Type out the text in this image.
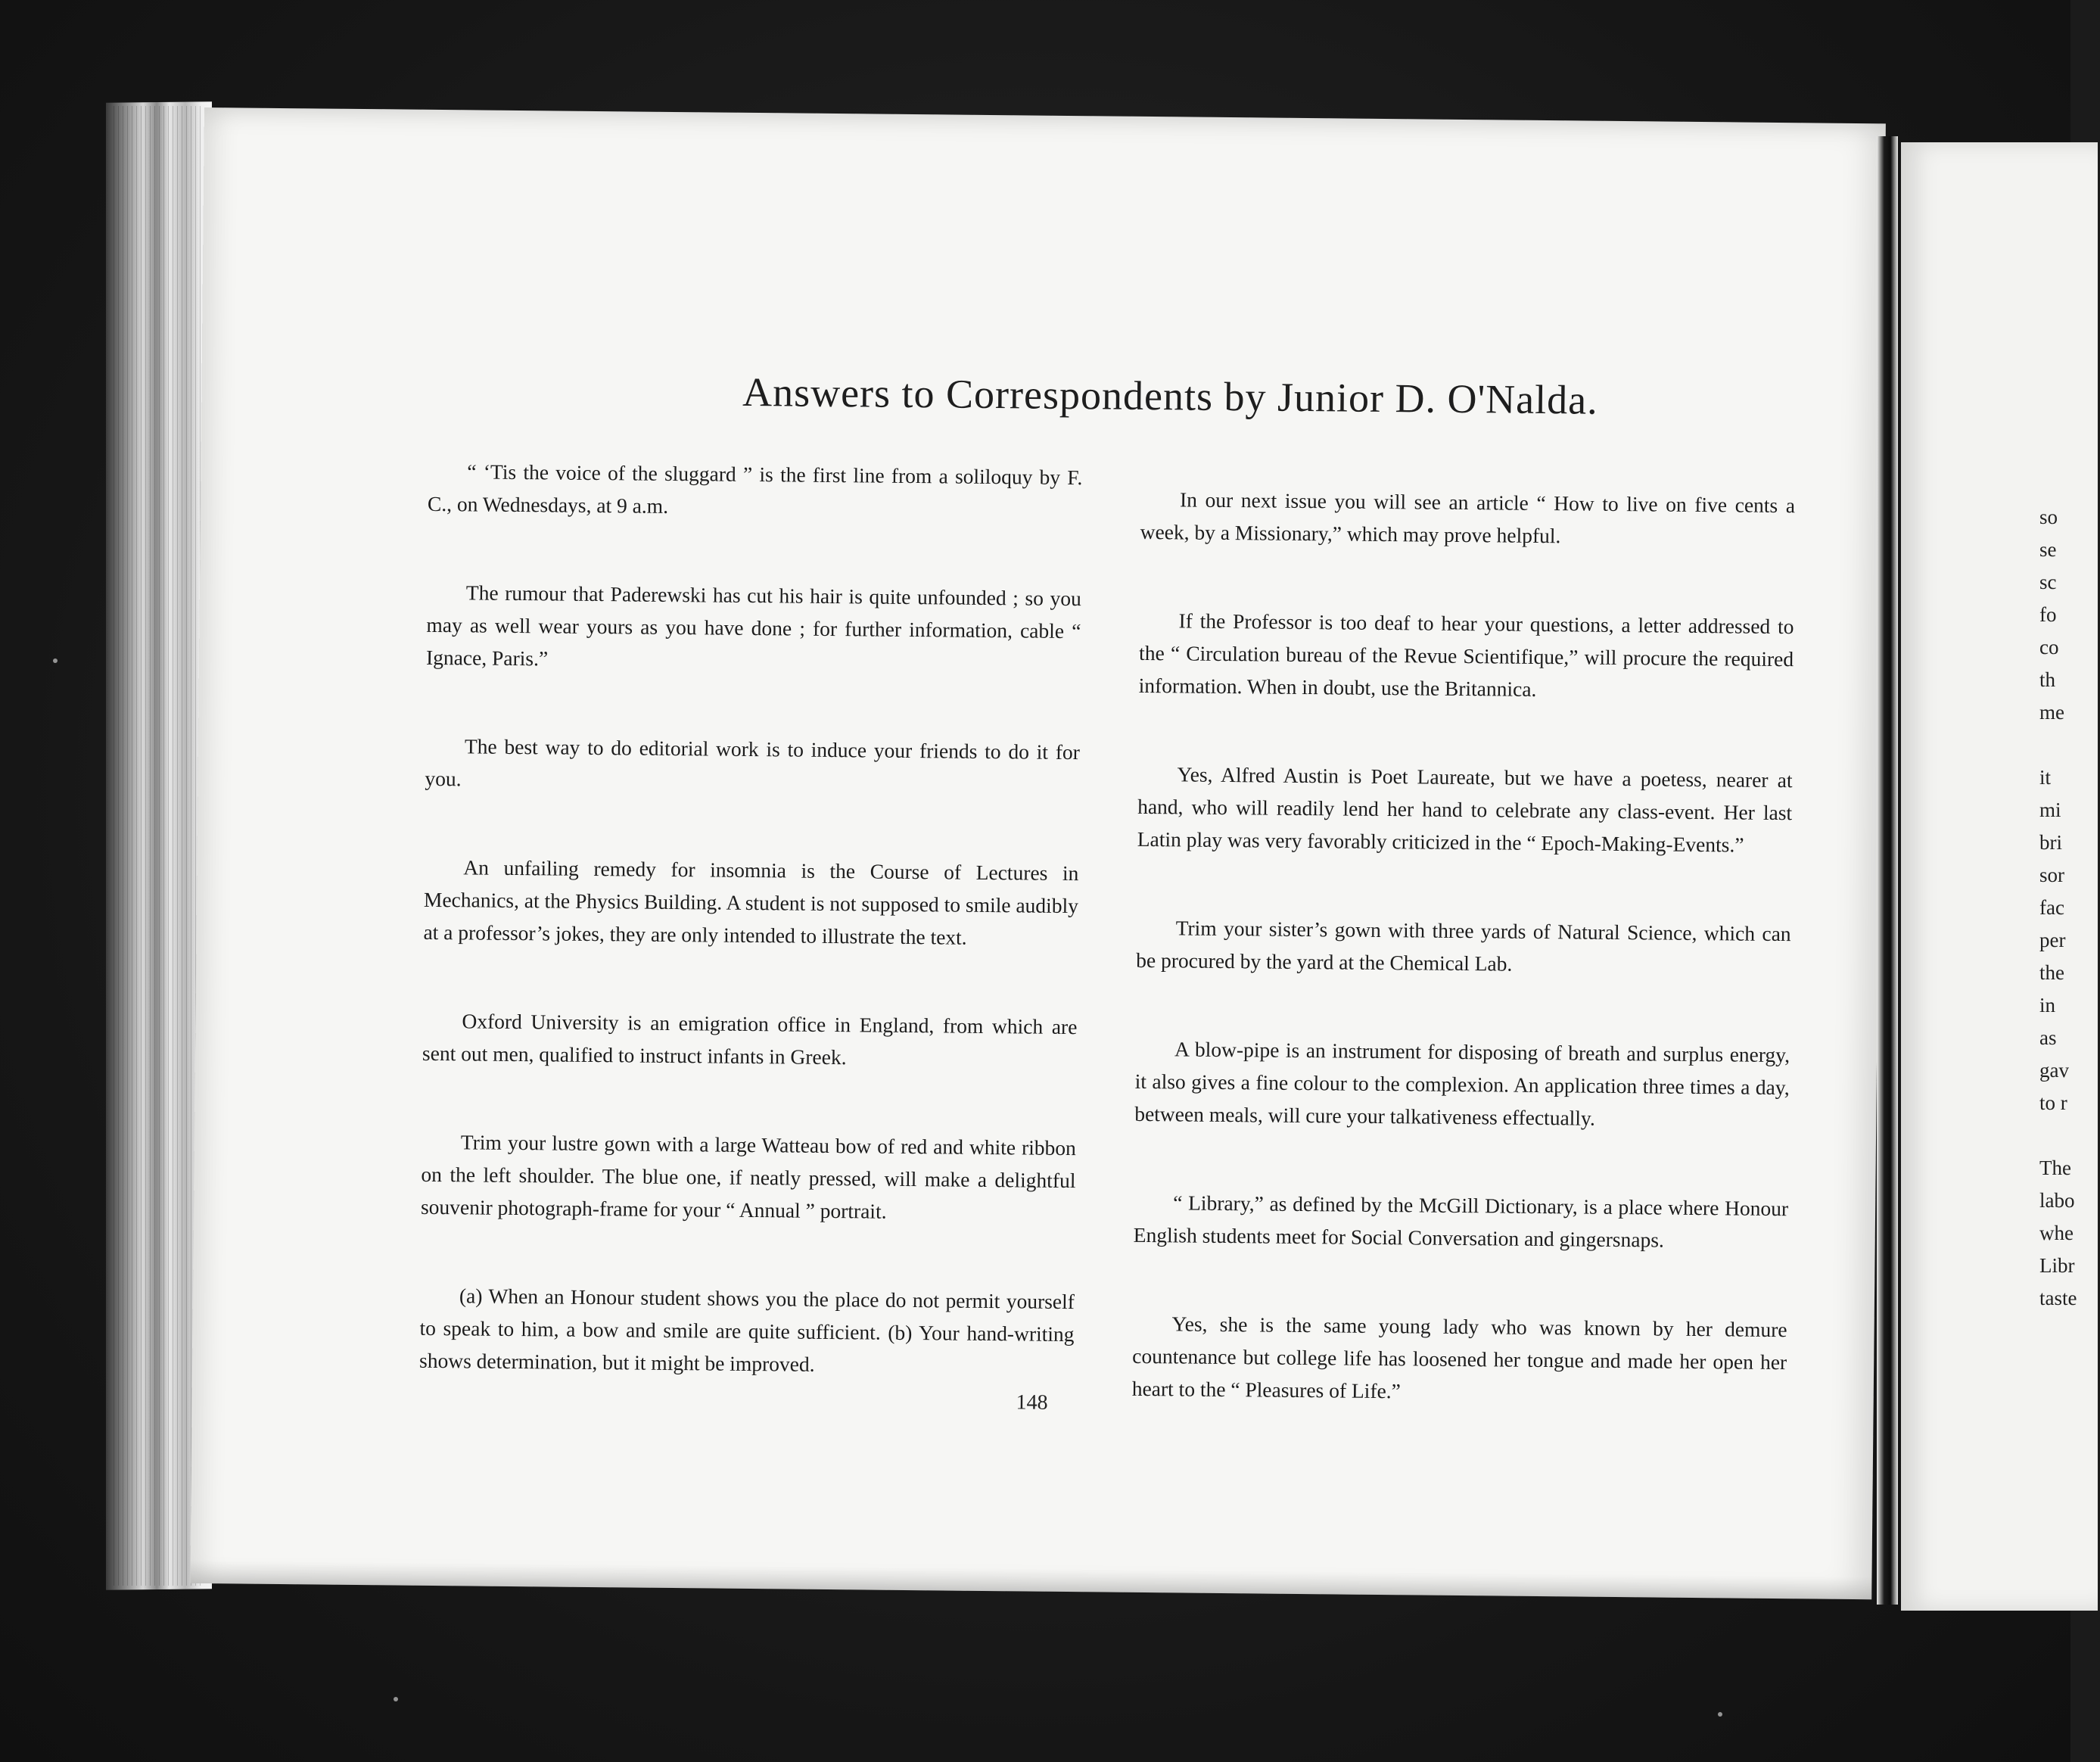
Answers to Correspondents by Junior D. O'Nalda.

“ ‘Tis the voice of the sluggard ” is the first line from a soliloquy by F. C., on Wednesdays, at 9 a.m.

The rumour that Paderewski has cut his hair is quite unfounded ; so you may as well wear yours as you have done ; for further information, cable “ Ignace, Paris.”

The best way to do editorial work is to induce your friends to do it for you.

An unfailing remedy for insomnia is the Course of Lectures in Mechanics, at the Physics Building. A student is not supposed to smile audibly at a professor’s jokes, they are only intended to illustrate the text.

Oxford University is an emigration office in England, from which are sent out men, qualified to instruct infants in Greek.

Trim your lustre gown with a large Watteau bow of red and white ribbon on the left shoulder. The blue one, if neatly pressed, will make a delightful souvenir photograph-frame for your “ Annual ” portrait.

(a) When an Honour student shows you the place do not permit yourself to speak to him, a bow and smile are quite sufficient. (b) Your hand-writing shows determination, but it might be improved.

In our next issue you will see an article “ How to live on five cents a week, by a Missionary,” which may prove helpful.

If the Professor is too deaf to hear your questions, a letter addressed to the “ Circulation bureau of the Revue Scientifique,” will procure the required information. When in doubt, use the Britannica.

Yes, Alfred Austin is Poet Laureate, but we have a poetess, nearer at hand, who will readily lend her hand to celebrate any class-event. Her last Latin play was very favorably criticized in the “ Epoch-Making-Events.”

Trim your sister’s gown with three yards of Natural Science, which can be procured by the yard at the Chemical Lab.

A blow-pipe is an instrument for disposing of breath and surplus energy, it also gives a fine colour to the complexion. An application three times a day, between meals, will cure your talkativeness effectually.

“ Library,” as defined by the McGill Dictionary, is a place where Honour English students meet for Social Conversation and gingersnaps.

Yes, she is the same young lady who was known by her demure countenance but college life has loosened her tongue and made her open her heart to the “ Pleasures of Life.”

148
so
se
sc
fo
co
th
me
it
mi
bri
sor
fac
per
the
in
as
gav
to r
The
labo
whe
Libr
taste
